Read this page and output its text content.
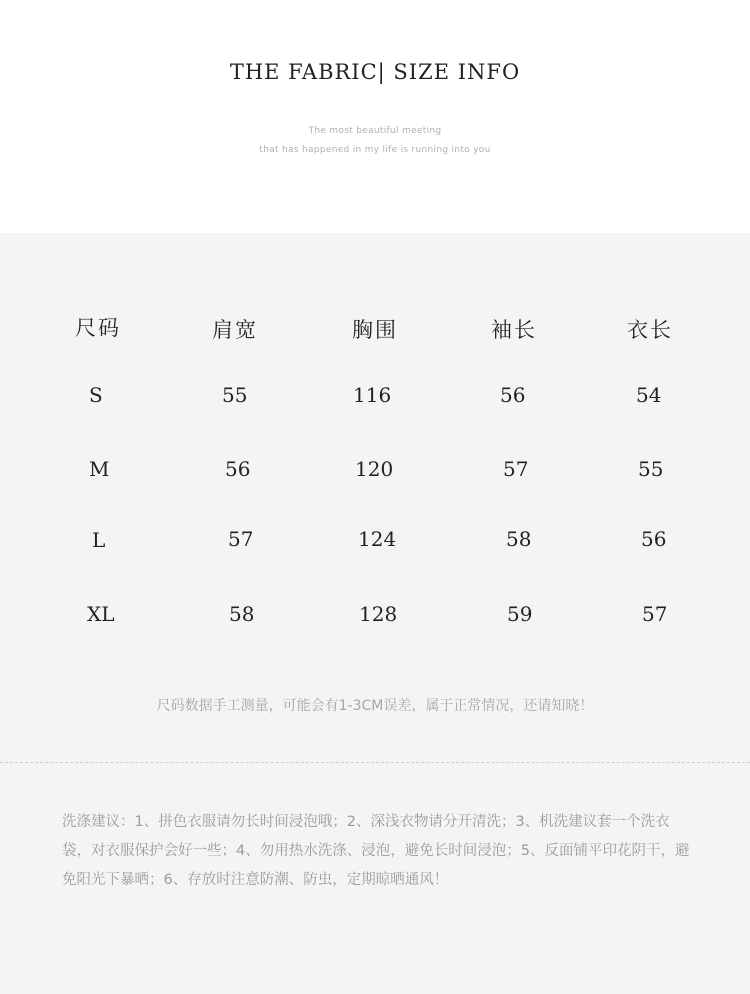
THE FABRIC| SIZE INFO
The most beautiful meeting
that has happened in my life is running into you
尺码	肩宽	胸围	袖长	衣长
S	55	116	56	54
M	56	120	57	55
L	57	124	58	56
XL	58	128	59	57
尺码数据手工测量，可能会有1-3CM误差，属于正常情况，还请知晓！
洗涤建议：1、拼色衣服请勿长时间浸泡哦；2、深浅衣物请分开清洗；3、机洗建议套一个洗衣袋，对衣服保护会好一些；4、勿用热水洗涤、浸泡，避免长时间浸泡；5、反面铺平印花阴干，避免阳光下暴晒；6、存放时注意防潮、防虫，定期晾晒通风！
